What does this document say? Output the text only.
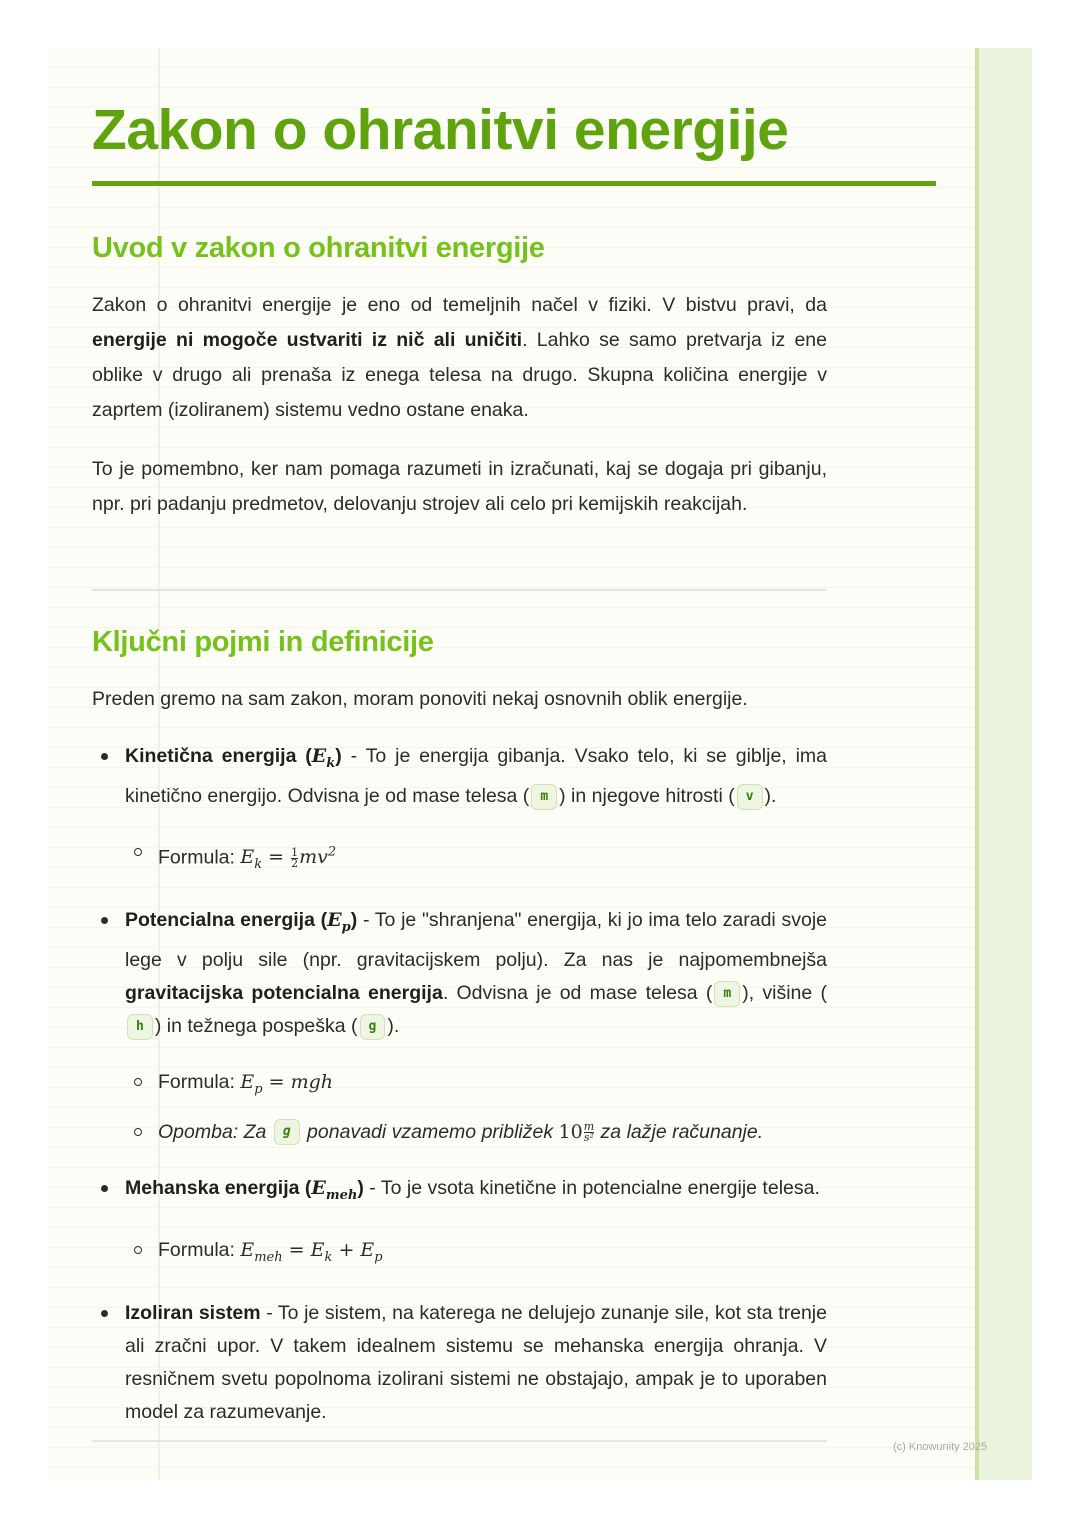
Zakon o ohranitvi energije
Uvod v zakon o ohranitvi energije

Zakon o ohranitvi energije je eno od temeljnih načel v fiziki. V bistvu pravi, da energije ni mogoče ustvariti iz nič ali uničiti. Lahko se samo pretvarja iz ene oblike v drugo ali prenaša iz enega telesa na drugo. Skupna količina energije v zaprtem (izoliranem) sistemu vedno ostane enaka.

To je pomembno, ker nam pomaga razumeti in izračunati, kaj se dogaja pri gibanju, npr. pri padanju predmetov, delovanju strojev ali celo pri kemijskih reakcijah.

Ključni pojmi in definicije

Preden gremo na sam zakon, moram ponoviti nekaj osnovnih oblik energije.

Kinetična energija $(E_k)$ - To je energija gibanja. Vsako telo, ki se giblje, ima kinetično energijo. Odvisna je od mase telesa ( m ) in njegove hitrosti ( v ).
Formula: $E_k = \frac{1}{2} mv^2$
Potencialna energija $(E_p)$ - To je "shranjena" energija, ki jo ima telo zaradi svoje lege v polju sile (npr. gravitacijskem polju). Za nas je najpomembnejša gravitacijska potencialna energija. Odvisna je od mase telesa ( m ), višine (h ) in težnega pospeška ( g ).
Formula: $E_p$ = mgh
Opomba: Za g ponavadi vzamemo približek $10 \frac{m}{\text{s²}}$ za lažje računanje.
Mehanska energija $(E_{meh})$ - To je vsota kinetične in potencialne energije telesa.
Formula: $E_{meh} = E_k + E_p$
Izoliran sistem - To je sistem, na katerega ne delujejo zunanje sile, kot sta trenje ali zračni upor. V takem idealnem sistemu se mehanska energija ohranja. V resničnem svetu popolnoma izolirani sistemi ne obstajajo, ampak je to uporaben model za razumevanje.
(c) Knowunity 2025
